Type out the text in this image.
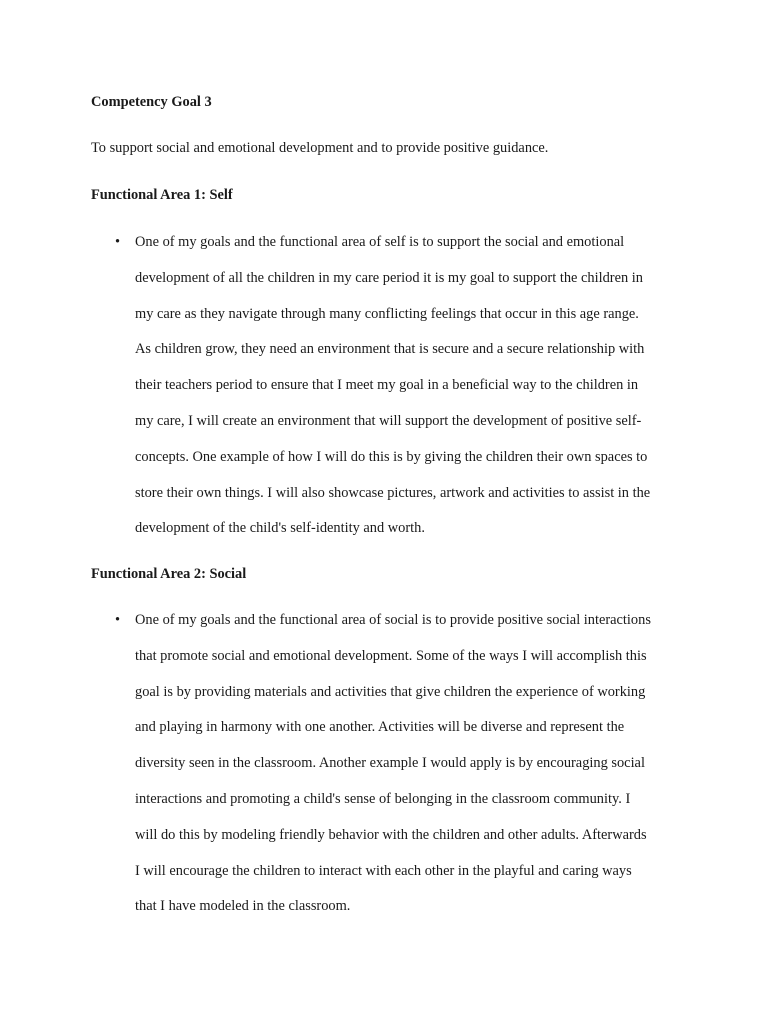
Competency Goal 3

To support social and emotional development and to provide positive guidance.

Functional Area 1: Self

• One of my goals and the functional area of self is to support the social and emotional
development of all the children in my care period it is my goal to support the children in
my care as they navigate through many conflicting feelings that occur in this age range.
As children grow, they need an environment that is secure and a secure relationship with
their teachers period to ensure that I meet my goal in a beneficial way to the children in
my care, I will create an environment that will support the development of positive self-
concepts. One example of how I will do this is by giving the children their own spaces to
store their own things. I will also showcase pictures, artwork and activities to assist in the
development of the child's self-identity and worth.

Functional Area 2: Social

• One of my goals and the functional area of social is to provide positive social interactions
that promote social and emotional development. Some of the ways I will accomplish this
goal is by providing materials and activities that give children the experience of working
and playing in harmony with one another. Activities will be diverse and represent the
diversity seen in the classroom. Another example I would apply is by encouraging social
interactions and promoting a child's sense of belonging in the classroom community. I
will do this by modeling friendly behavior with the children and other adults. Afterwards
I will encourage the children to interact with each other in the playful and caring ways
that I have modeled in the classroom.
